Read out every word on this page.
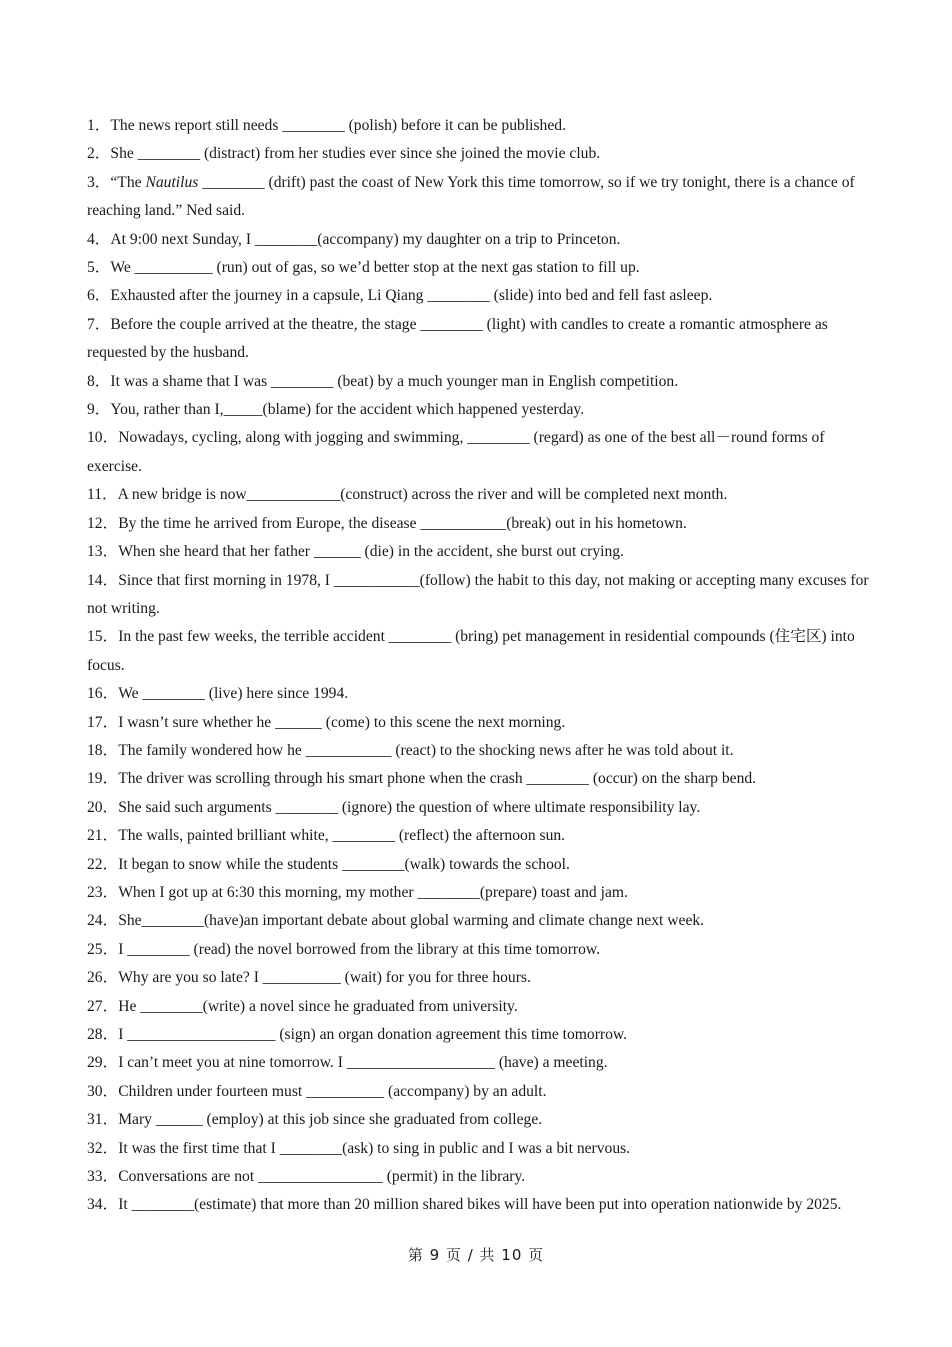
1．The news report still needs ________ (polish) before it can be published.

2．She ________ (distract) from her studies ever since she joined the movie club.

3．“The Nautilus ________ (drift) past the coast of New York this time tomorrow, so if we try tonight, there is a chance of reaching land.” Ned said.

4．At 9:00 next Sunday, I ________(accompany) my daughter on a trip to Princeton.

5．We __________ (run) out of gas, so we’d better stop at the next gas station to fill up.

6．Exhausted after the journey in a capsule, Li Qiang ________ (slide) into bed and fell fast asleep.

7．Before the couple arrived at the theatre, the stage ________ (light) with candles to create a romantic atmosphere as requested by the husband.

8．It was a shame that I was ________ (beat) by a much younger man in English competition.

9．You, rather than I,_____(blame) for the accident which happened yesterday.

10．Nowadays, cycling, along with jogging and swimming, ________ (regard) as one of the best all－round forms of exercise.

11．A new bridge is now____________(construct) across the river and will be completed next month.

12．By the time he arrived from Europe, the disease ___________(break) out in his hometown.

13．When she heard that her father ______ (die) in the accident, she burst out crying.

14．Since that first morning in 1978, I ___________(follow) the habit to this day, not making or accepting many excuses for not writing.

15．In the past few weeks, the terrible accident ________ (bring) pet management in residential compounds (住宅区) into focus.

16．We ________ (live) here since 1994.

17．I wasn’t sure whether he ______ (come) to this scene the next morning.

18．The family wondered how he ___________ (react) to the shocking news after he was told about it.

19．The driver was scrolling through his smart phone when the crash ________ (occur) on the sharp bend.

20．She said such arguments ________ (ignore) the question of where ultimate responsibility lay.

21．The walls, painted brilliant white, ________ (reflect) the afternoon sun.

22．It began to snow while the students ________(walk) towards the school.

23．When I got up at 6:30 this morning, my mother ________(prepare) toast and jam.

24．She________(have)an important debate about global warming and climate change next week.

25．I ________ (read) the novel borrowed from the library at this time tomorrow.

26．Why are you so late? I __________ (wait) for you for three hours.

27．He ________(write) a novel since he graduated from university.

28．I ___________________ (sign) an organ donation agreement this time tomorrow.

29．I can’t meet you at nine tomorrow. I ___________________ (have) a meeting.

30．Children under fourteen must __________ (accompany) by an adult.

31．Mary ______ (employ) at this job since she graduated from college.

32．It was the first time that I ________(ask) to sing in public and I was a bit nervous.

33．Conversations are not ________________ (permit) in the library.

34．It ________(estimate) that more than 20 million shared bikes will have been put into operation nationwide by 2025.

第 9 页 / 共 10 页
